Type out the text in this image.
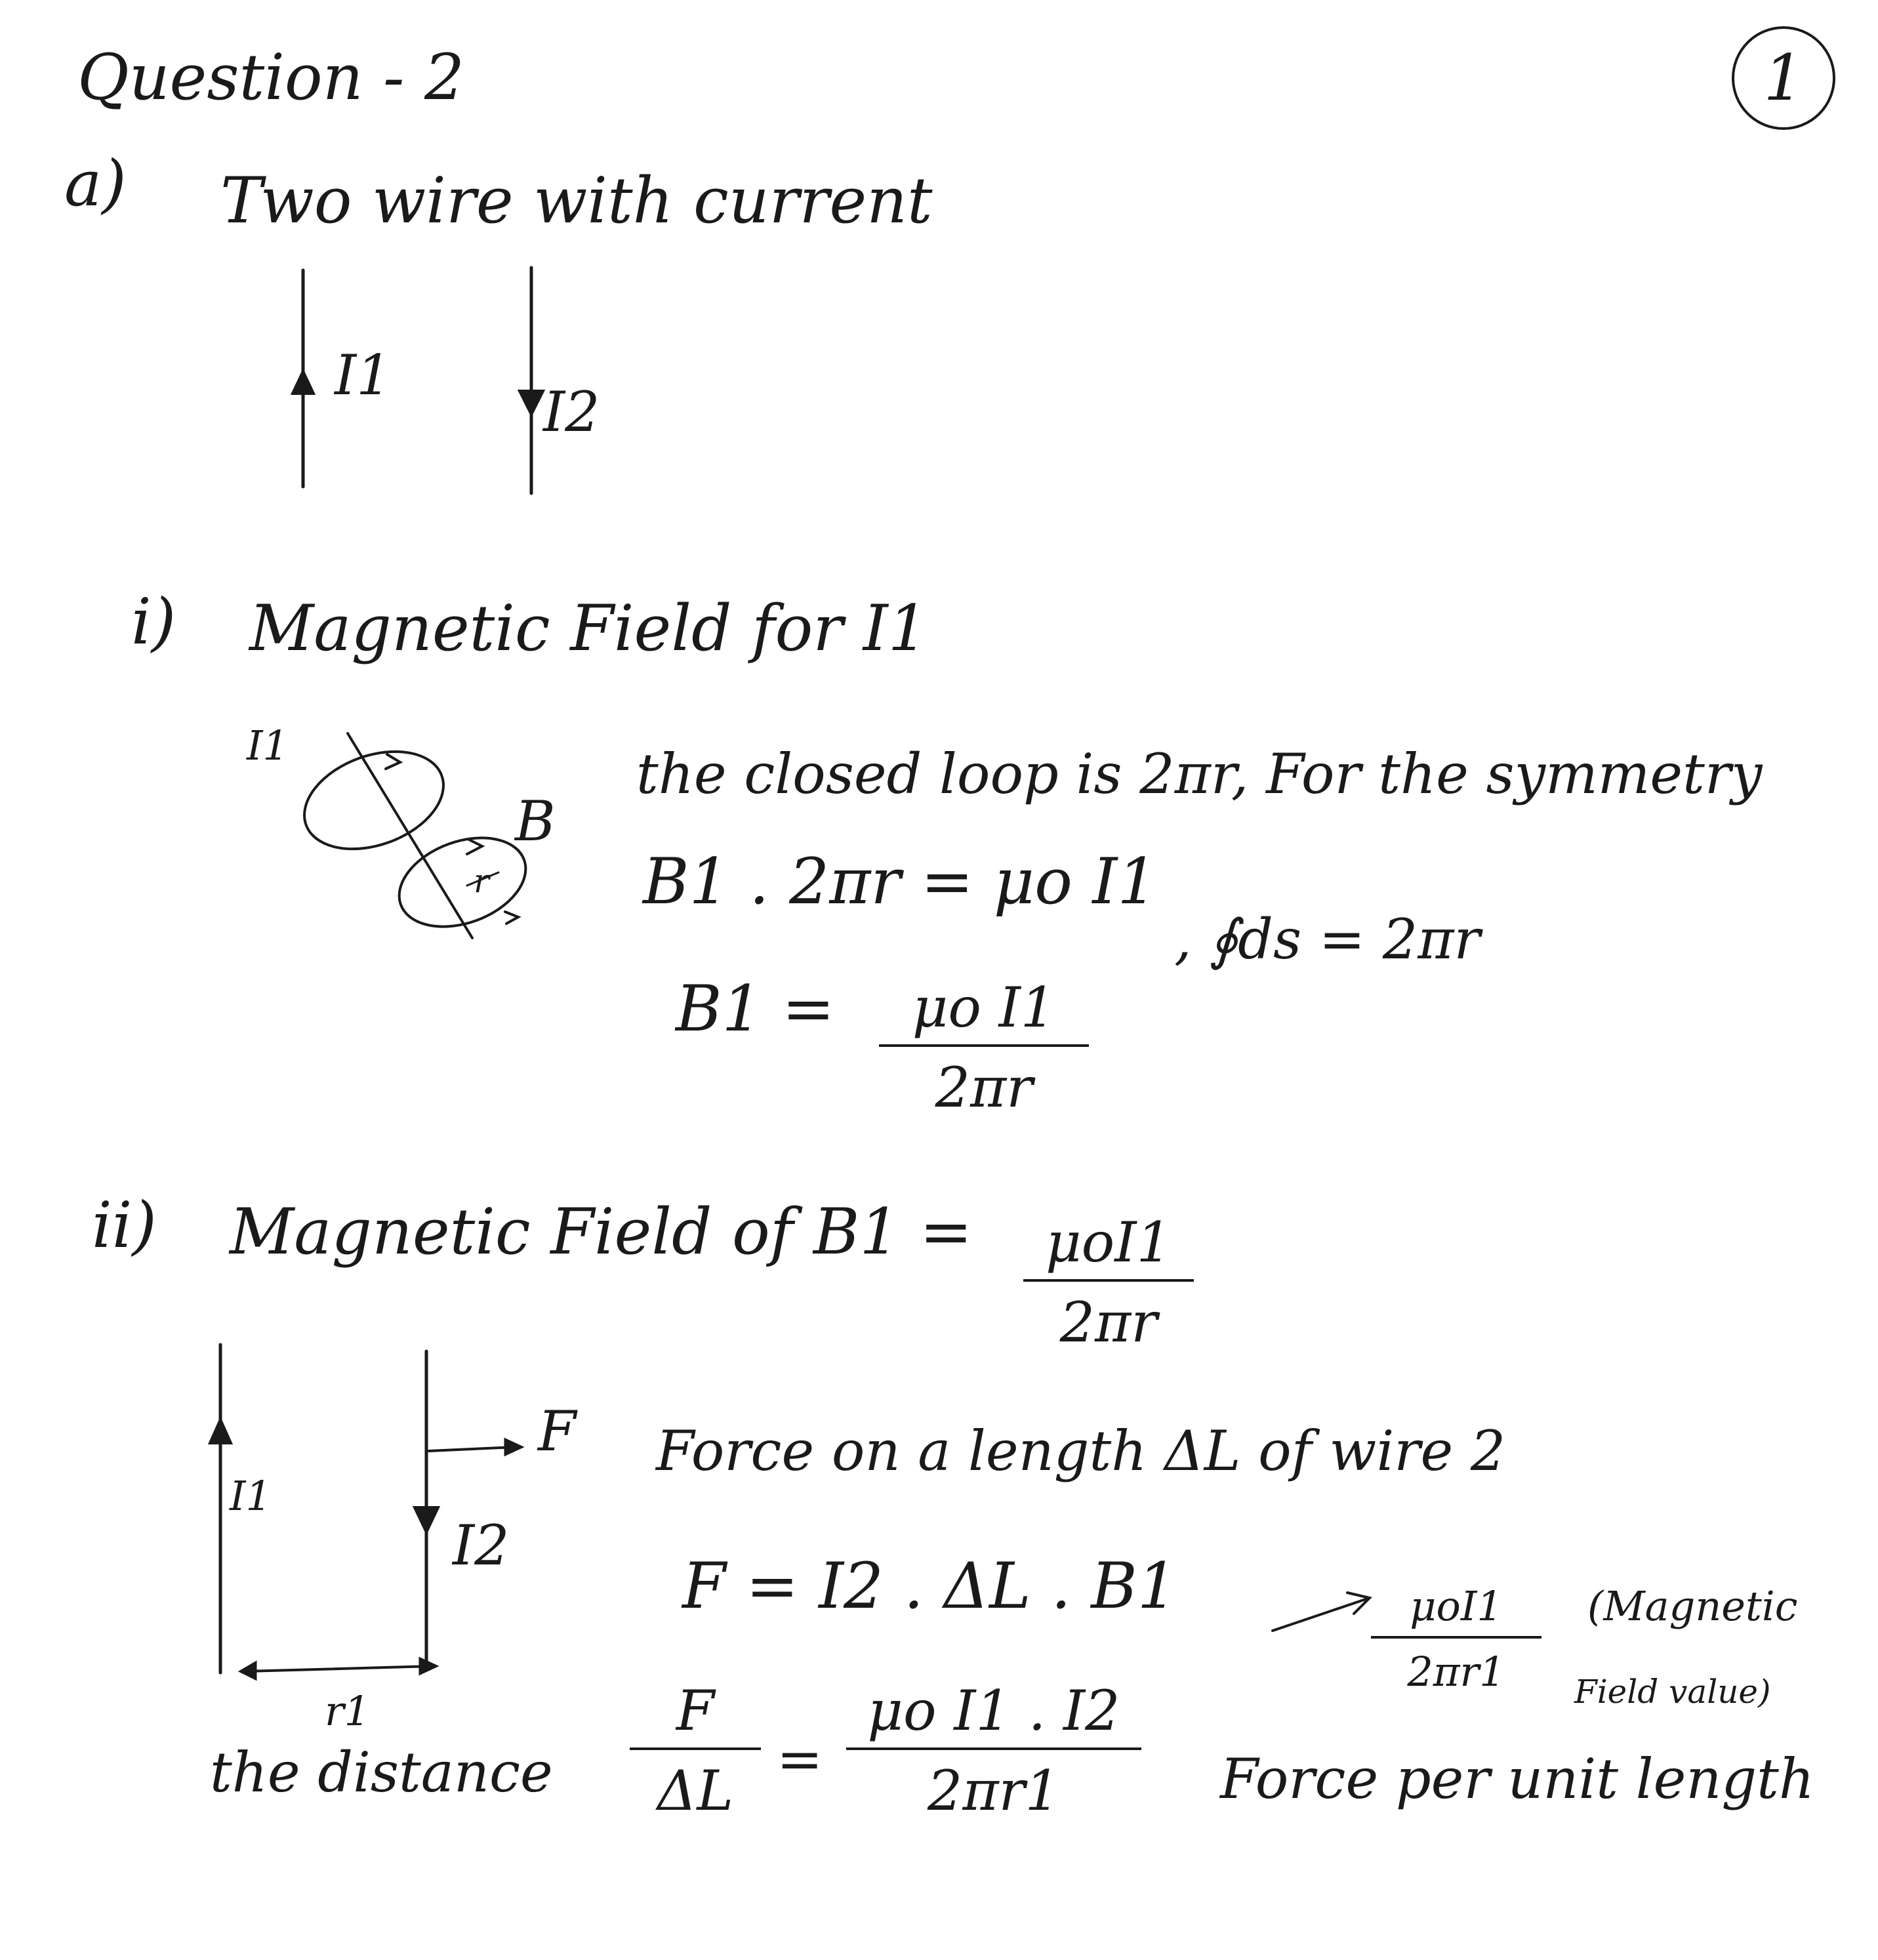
Question - 2	1
a) Two wire with current
I1
I2
i) Magnetic Field for I1
I1
B
r
the closed loop is 2πr, For the symmetry
B1 . 2πr = μo I1
, ∮ds = 2πr
$B1 = \frac{\text{μo I1}}{2\pi r}$
ii) Magnetic Field of B1 =	μoI1
2πr
I1
I2
F
r1
the distance
Force on a length ΔL of wire 2
F = I2 . ΔL . B1	μoI1
2πr1
(Magnetic
Field value)
$\frac{F}{\Delta L} = \frac{\text{μo I1 . I2}}{2\pi r1}$ Force per unit length
